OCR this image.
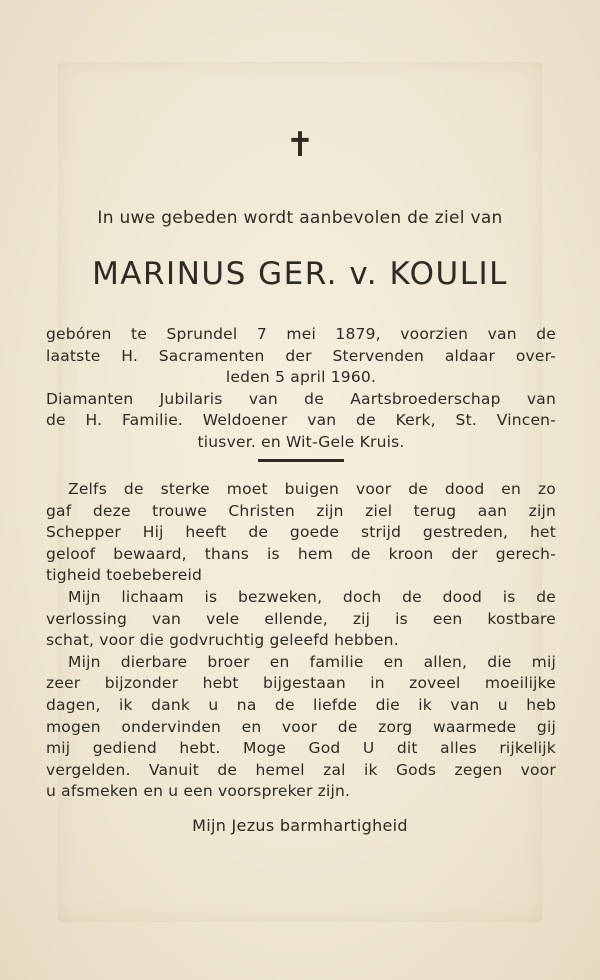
✝
In uwe gebeden wordt aanbevolen de ziel van
MARINUS GER. v. KOULIL
gebóren te Sprundel 7 mei 1879, voorzien van de
laatste H. Sacramenten der Stervenden aldaar over-
leden 5 april 1960.
Diamanten Jubilaris van de Aartsbroederschap van
de H. Familie. Weldoener van de Kerk, St. Vincen-
tiusver. en Wit-Gele Kruis.
Zelfs de sterke moet buigen voor de dood en zo
gaf deze trouwe Christen zijn ziel terug aan zijn
Schepper Hij heeft de goede strijd gestreden, het
geloof bewaard, thans is hem de kroon der gerech-
tigheid toebebereid
Mijn lichaam is bezweken, doch de dood is de
verlossing van vele ellende, zij is een kostbare
schat, voor die godvruchtig geleefd hebben.
Mijn dierbare broer en familie en allen, die mij
zeer bijzonder hebt bijgestaan in zoveel moeilijke
dagen, ik dank u na de liefde die ik van u heb
mogen ondervinden en voor de zorg waarmede gij
mij gediend hebt. Moge God U dit alles rijkelijk
vergelden. Vanuit de hemel zal ik Gods zegen voor
u afsmeken en u een voorspreker zijn.
Mijn Jezus barmhartigheid
